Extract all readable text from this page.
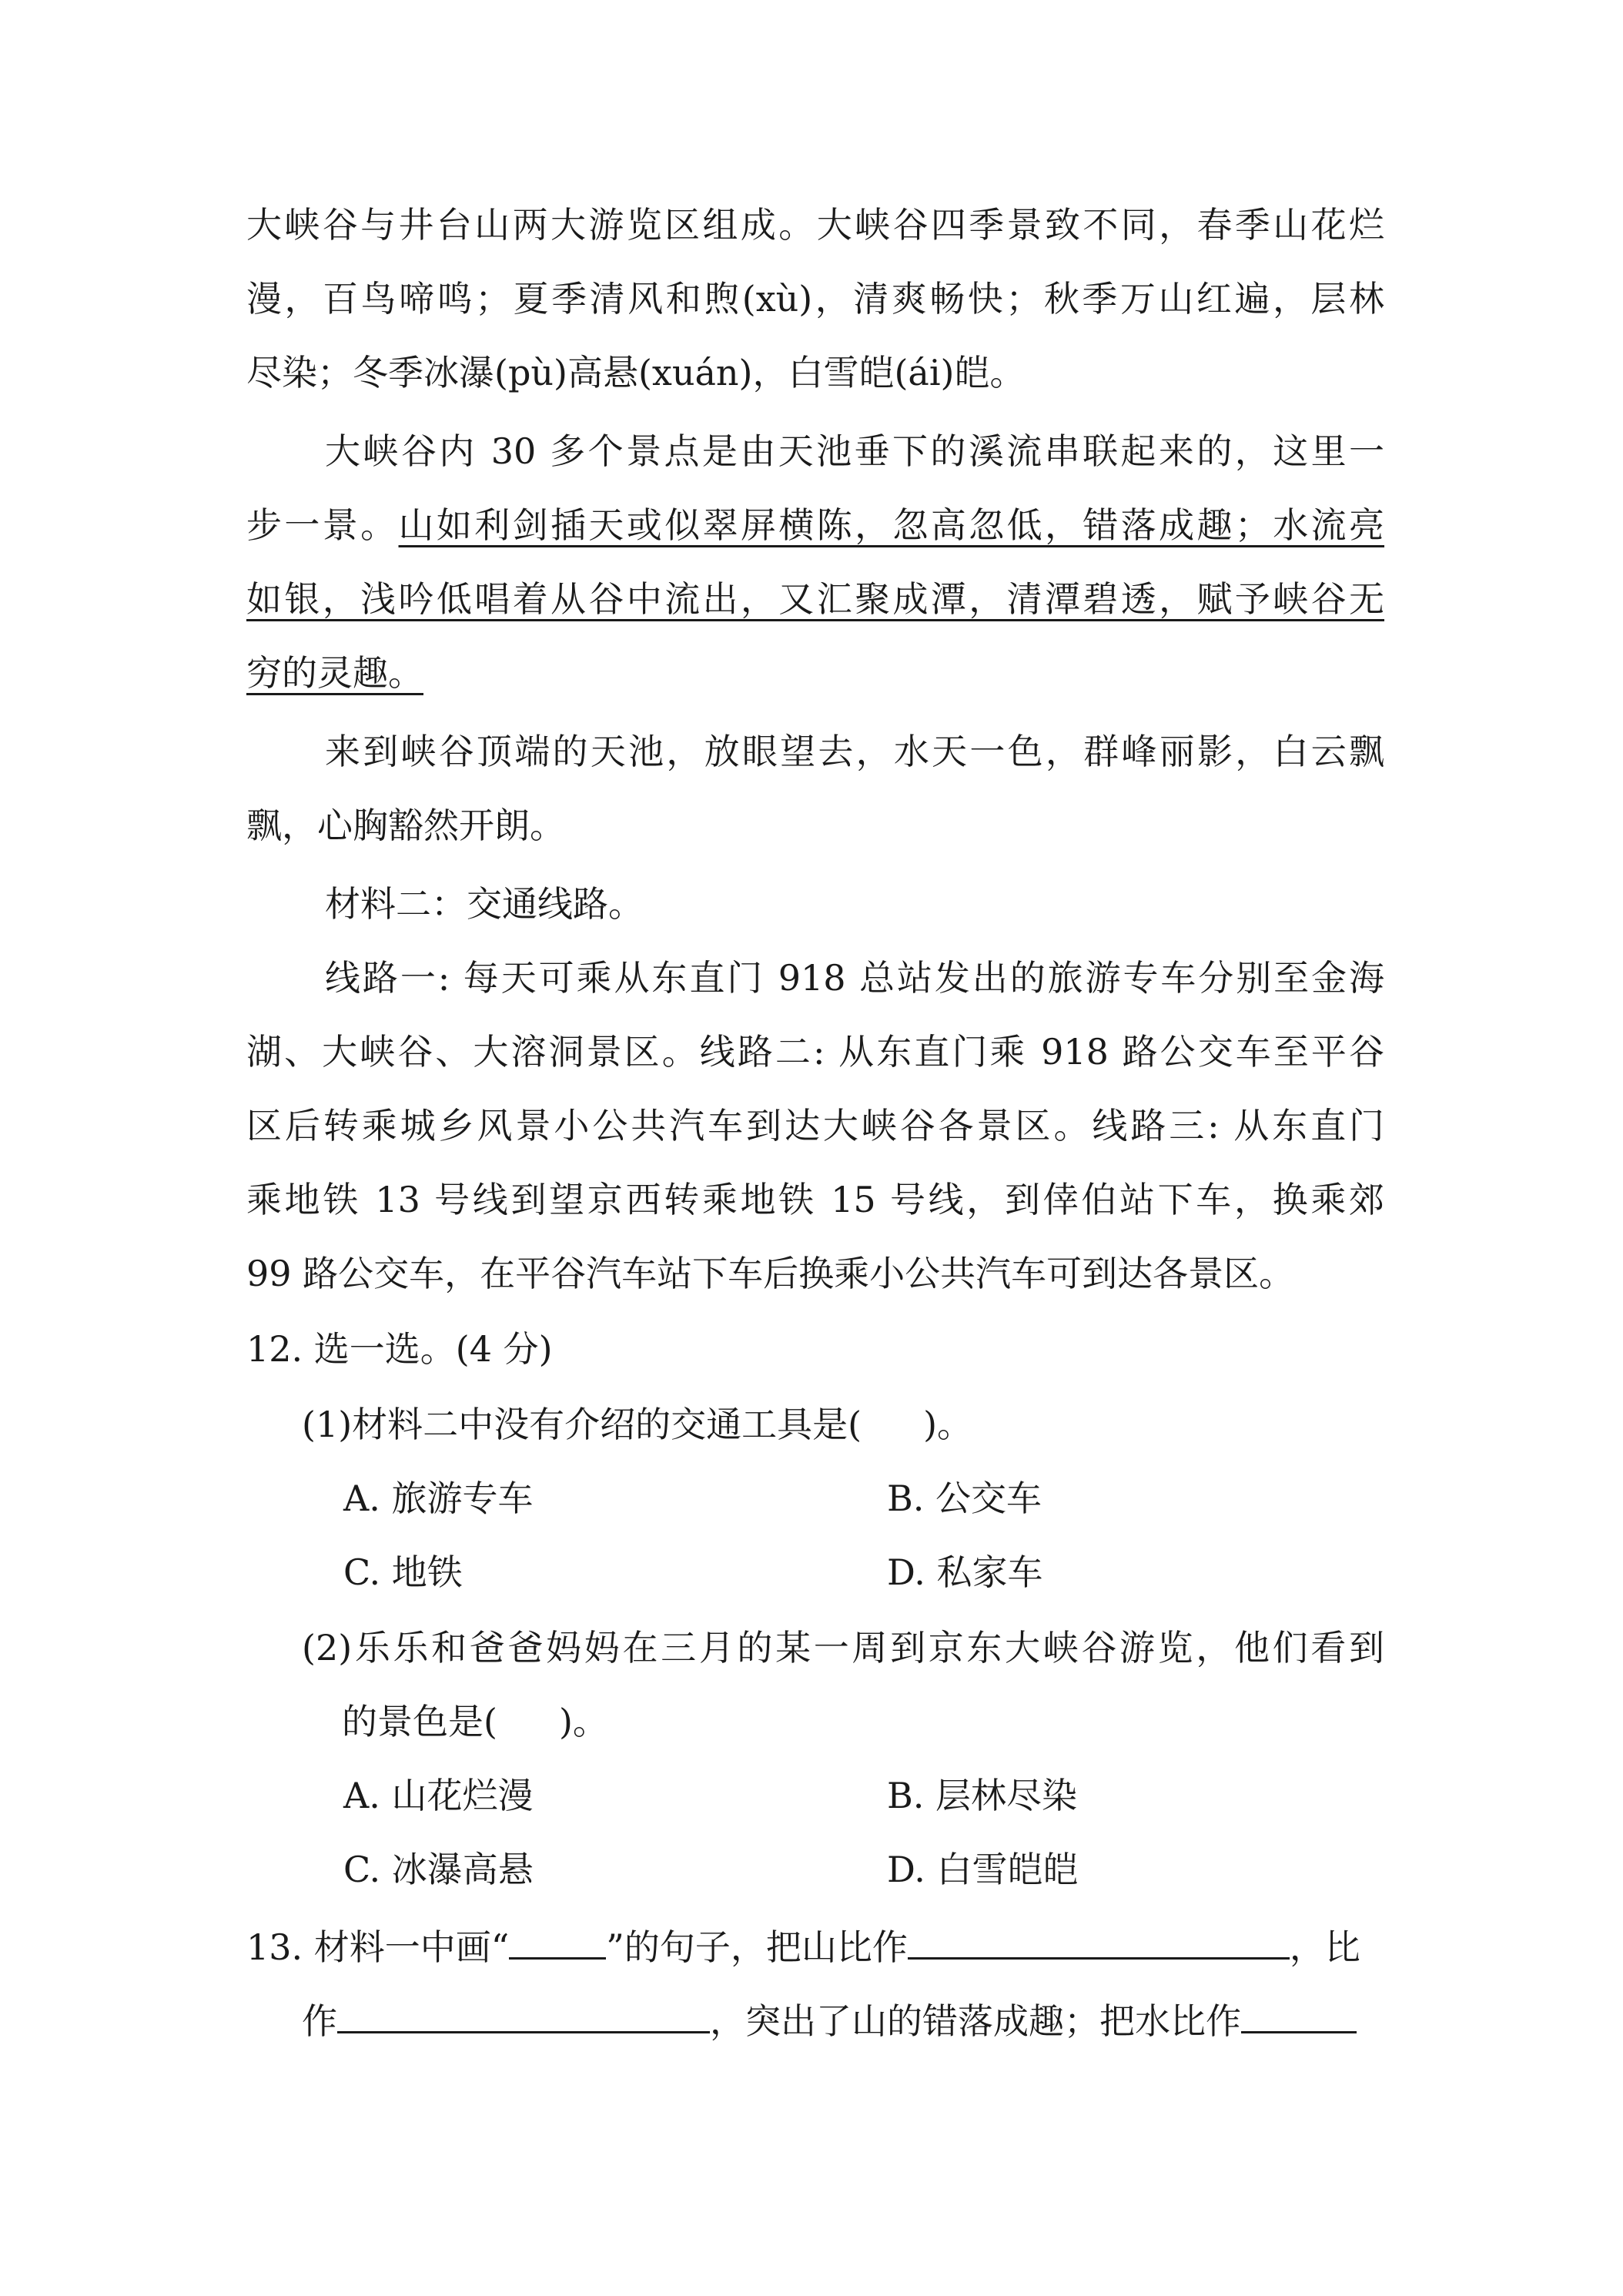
大峡谷与井台山两大游览区组成。大峡谷四季景致不同，春季山花烂
漫，百鸟啼鸣；夏季清风和煦(xù)，清爽畅快；秋季万山红遍，层林
尽染；冬季冰瀑(pù)高悬(xuán)，白雪皑(ái)皑。
大峡谷内 30 多个景点是由天池垂下的溪流串联起来的，这里一
步一景。山如利剑插天或似翠屏横陈，忽高忽低，错落成趣；水流亮
如银，浅吟低唱着从谷中流出，又汇聚成潭，清潭碧透，赋予峡谷无
穷的灵趣。
来到峡谷顶端的天池，放眼望去，水天一色，群峰丽影，白云飘
飘，心胸豁然开朗。
材料二：交通线路。
线路一: 每天可乘从东直门 918 总站发出的旅游专车分别至金海
湖、大峡谷、大溶洞景区。线路二: 从东直门乘 918 路公交车至平谷
区后转乘城乡风景小公共汽车到达大峡谷各景区。线路三: 从东直门
乘地铁 13 号线到望京西转乘地铁 15 号线，到倖伯站下车，换乘郊
99 路公交车，在平谷汽车站下车后换乘小公共汽车可到达各景区。
12. 选一选。(4 分)
(1)材料二中没有介绍的交通工具是( )。
A. 旅游专车	B. 公交车
C. 地铁	D. 私家车
(2)乐乐和爸爸妈妈在三月的某一周到京东大峡谷游览，他们看到
的景色是( )。
A. 山花烂漫	B. 层林尽染
C. 冰瀑高悬	D. 白雪皑皑
13. 材料一中画“	”的句子，把山比作	，比
作	，突出了山的错落成趣；把水比作
